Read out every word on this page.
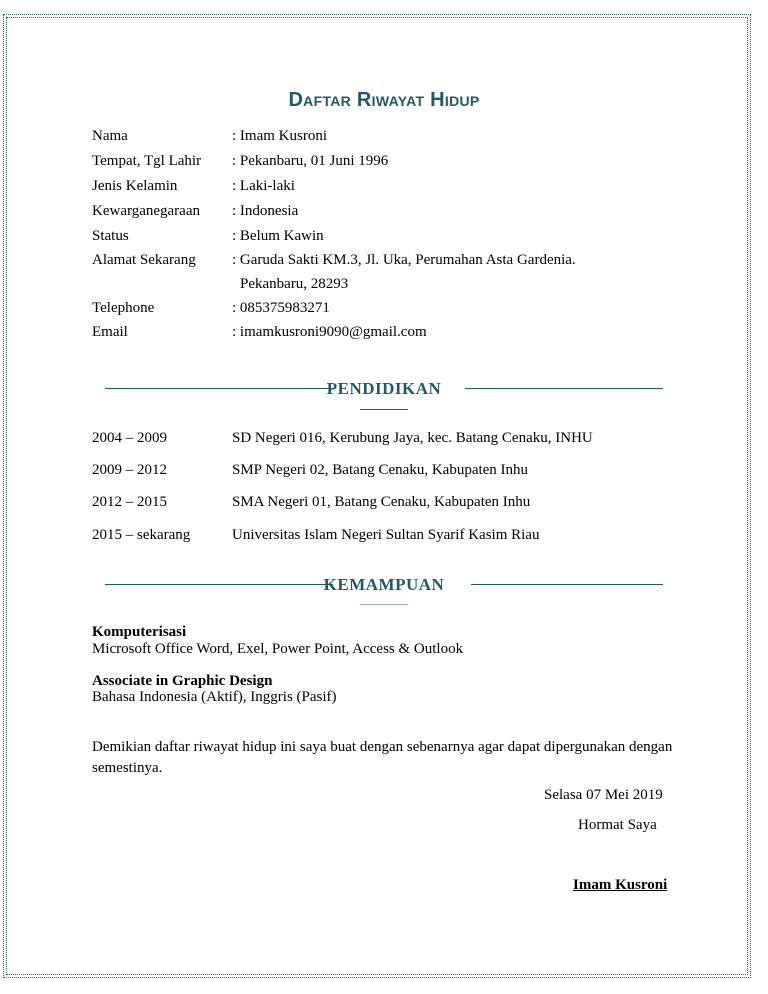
Daftar Riwayat Hidup
Nama	: Imam Kusroni
Tempat, Tgl Lahir : Pekanbaru, 01 Juni 1996
Jenis Kelamin	: Laki-laki
Kewarganegaraan : Indonesia
Status	: Belum Kawin
Alamat Sekarang : Garuda Sakti KM.3, Jl. Uka, Perumahan Asta Gardenia.
Pekanbaru, 28293
Telephone	: 085375983271
Email	: imamkusroni9090@gmail.com
PENDIDIKAN
2004 – 2009	SD Negeri 016, Kerubung Jaya, kec. Batang Cenaku, INHU
2009 – 2012	SMP Negeri 02, Batang Cenaku, Kabupaten Inhu
2012 – 2015	SMA Negeri 01, Batang Cenaku, Kabupaten Inhu
2015 – sekarang	Universitas Islam Negeri Sultan Syarif Kasim Riau
KEMAMPUAN
Komputerisasi
Microsoft Office Word, Exel, Power Point, Access & Outlook
Associate in Graphic Design
Bahasa Indonesia (Aktif), Inggris (Pasif)
Demikian daftar riwayat hidup ini saya buat dengan sebenarnya agar dapat dipergunakan dengan semestinya.
Selasa 07 Mei 2019
Hormat Saya
Imam Kusroni
